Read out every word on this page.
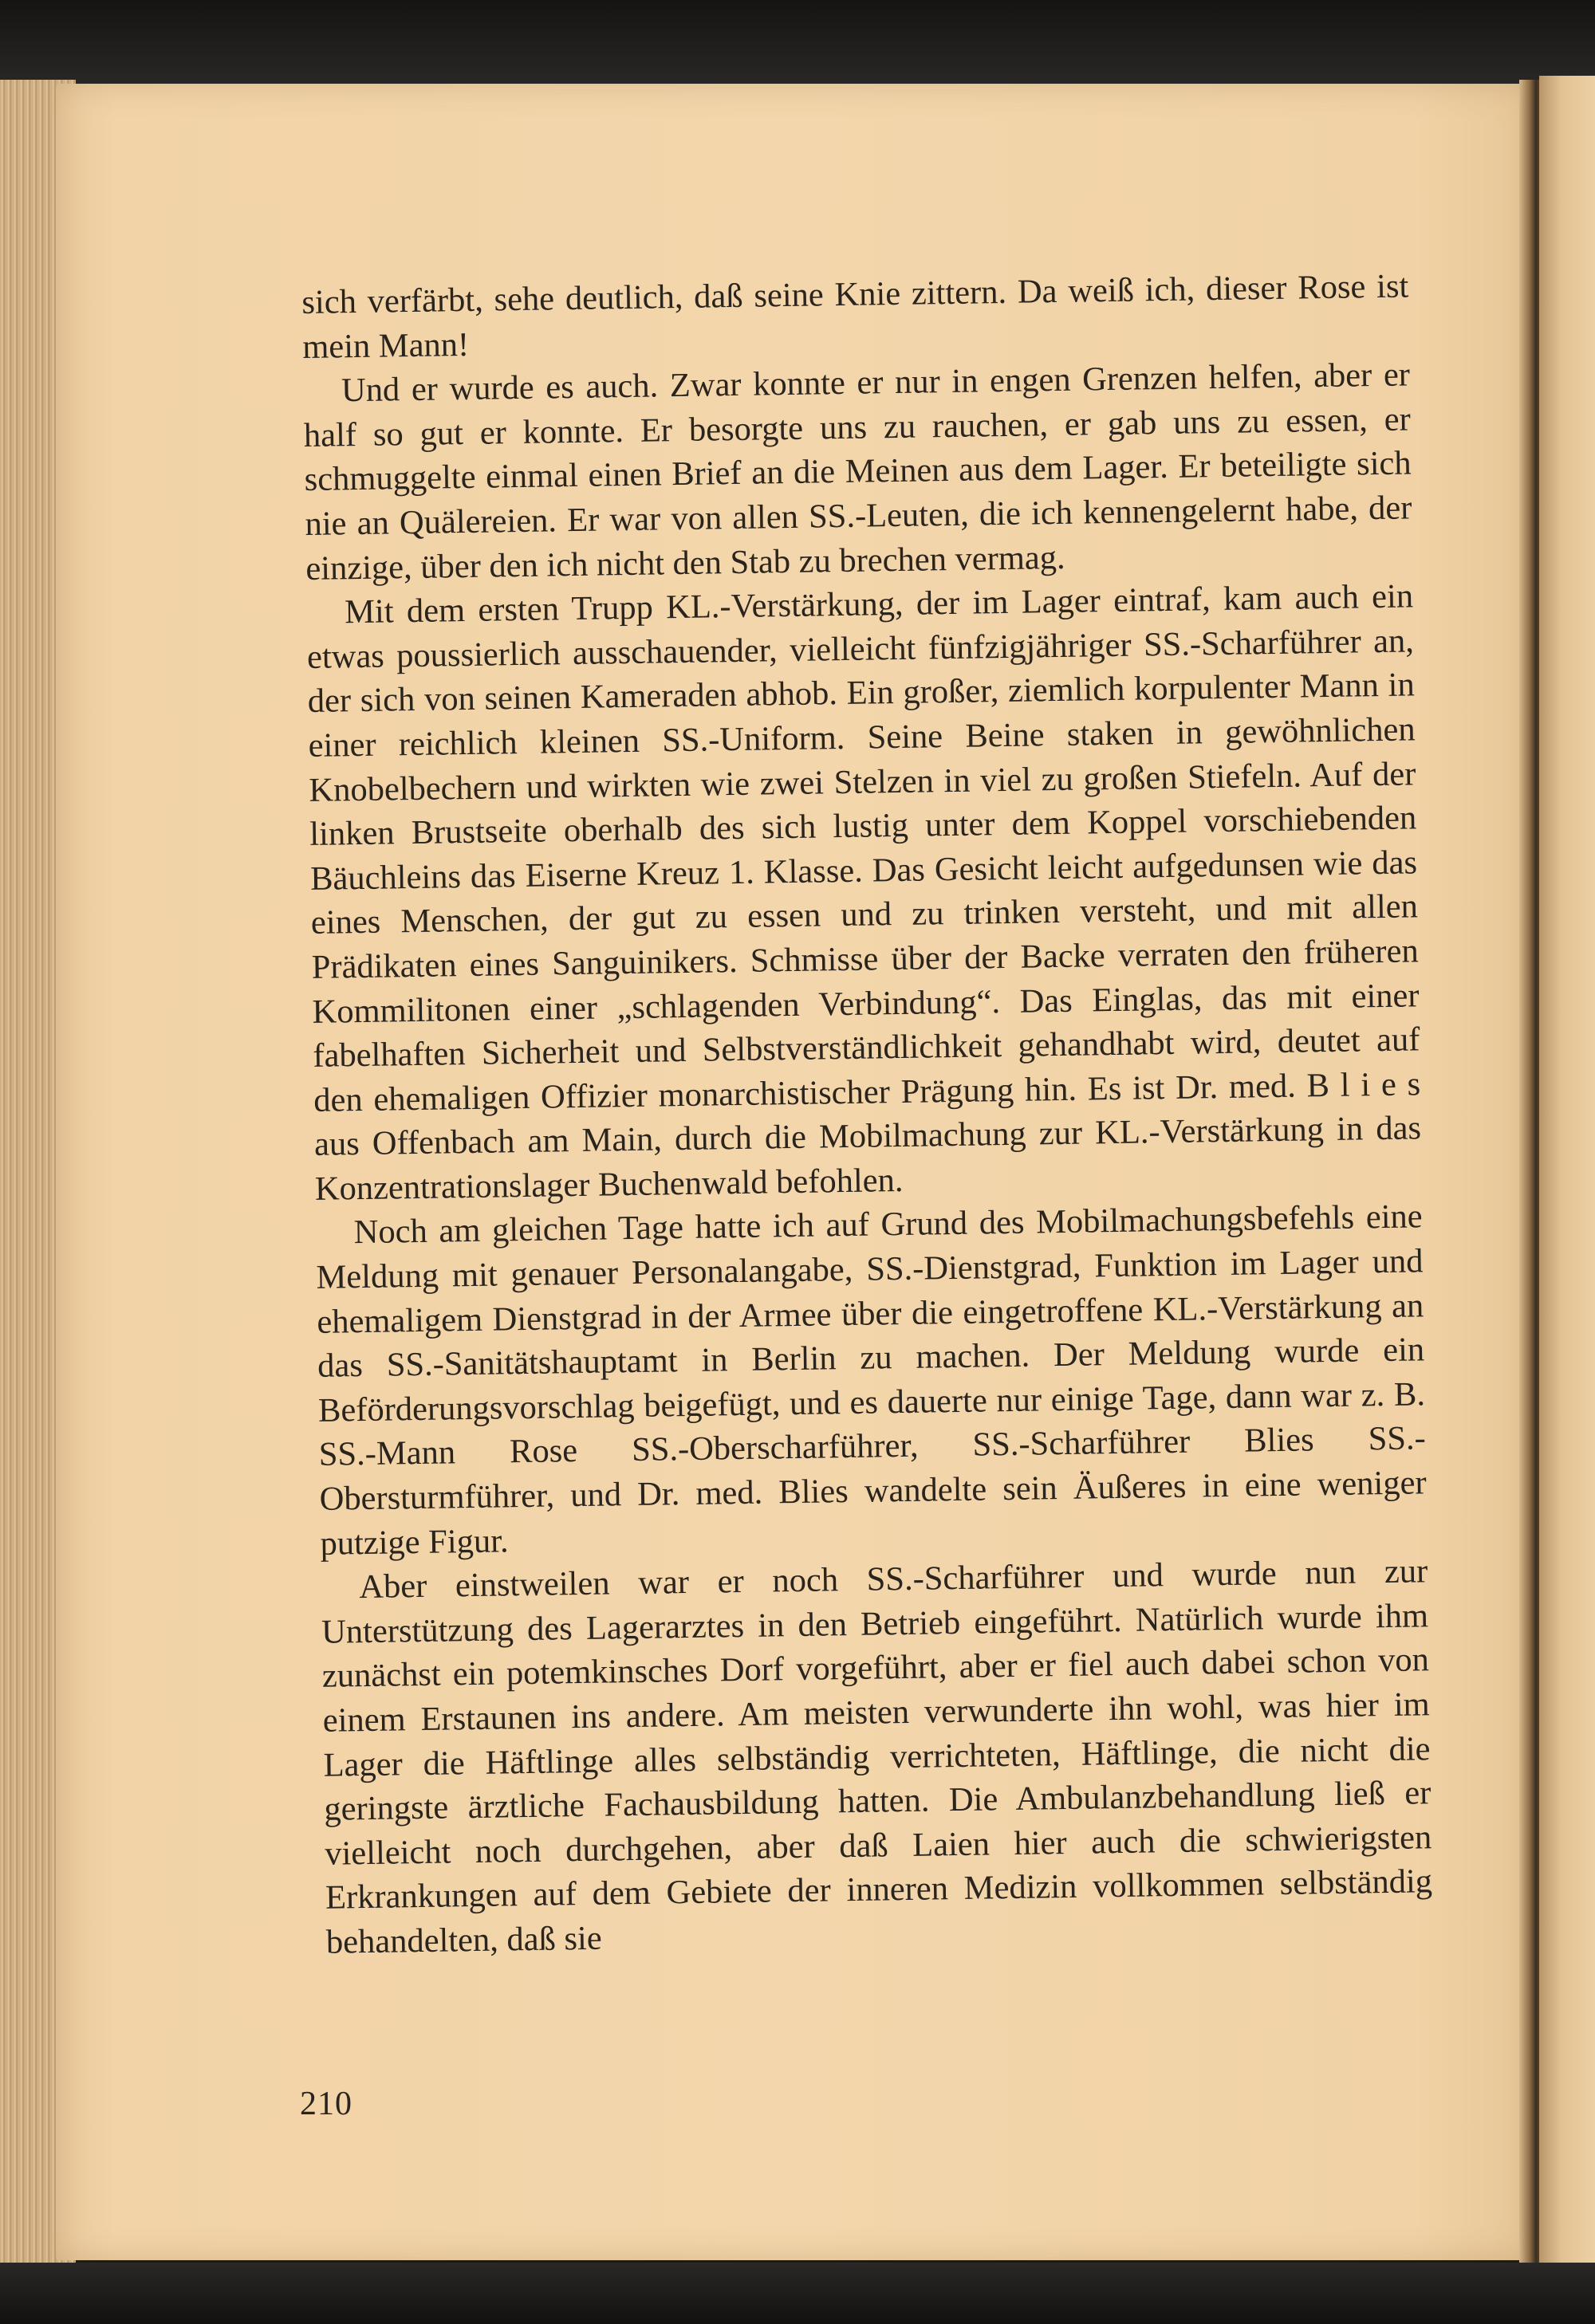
sich verfärbt, sehe deutlich, daß seine Knie zittern. Da weiß ich, dieser Rose ist mein Mann!

Und er wurde es auch. Zwar konnte er nur in engen Grenzen helfen, aber er half so gut er konnte. Er besorgte uns zu rauchen, er gab uns zu essen, er schmuggelte einmal einen Brief an die Meinen aus dem Lager. Er beteiligte sich nie an Quälereien. Er war von allen SS.-Leuten, die ich kennengelernt habe, der einzige, über den ich nicht den Stab zu brechen vermag.

Mit dem ersten Trupp KL.-Verstärkung, der im Lager eintraf, kam auch ein etwas poussierlich ausschauender, vielleicht fünfzigjähriger SS.-Scharführer an, der sich von seinen Kameraden abhob. Ein großer, ziemlich korpulenter Mann in einer reichlich kleinen SS.-Uniform. Seine Beine staken in gewöhnlichen Knobelbechern und wirkten wie zwei Stelzen in viel zu großen Stiefeln. Auf der linken Brustseite oberhalb des sich lustig unter dem Koppel vorschiebenden Bäuchleins das Eiserne Kreuz 1. Klasse. Das Gesicht leicht aufgedunsen wie das eines Menschen, der gut zu essen und zu trinken versteht, und mit allen Prädikaten eines Sanguinikers. Schmisse über der Backe verraten den früheren Kommilitonen einer „schlagenden Verbindung“. Das Einglas, das mit einer fabelhaften Sicherheit und Selbstverständlichkeit gehandhabt wird, deutet auf den ehemaligen Offizier monarchistischer Prägung hin. Es ist Dr. med. B l i e s aus Offenbach am Main, durch die Mobilmachung zur KL.-Verstärkung in das Konzentrationslager Buchenwald befohlen.

Noch am gleichen Tage hatte ich auf Grund des Mobilmachungsbefehls eine Meldung mit genauer Personalangabe, SS.-Dienstgrad, Funktion im Lager und ehemaligem Dienstgrad in der Armee über die eingetroffene KL.-Verstärkung an das SS.-Sanitätshauptamt in Berlin zu machen. Der Meldung wurde ein Beförderungsvorschlag beigefügt, und es dauerte nur einige Tage, dann war z. B. SS.-Mann Rose SS.-Oberscharführer, SS.-Scharführer Blies SS.-Obersturmführer, und Dr. med. Blies wandelte sein Äußeres in eine weniger putzige Figur.

Aber einstweilen war er noch SS.-Scharführer und wurde nun zur Unterstützung des Lagerarztes in den Betrieb eingeführt. Natürlich wurde ihm zunächst ein potemkinsches Dorf vorgeführt, aber er fiel auch dabei schon von einem Erstaunen ins andere. Am meisten verwunderte ihn wohl, was hier im Lager die Häftlinge alles selbständig verrichteten, Häftlinge, die nicht die geringste ärztliche Fachausbildung hatten. Die Ambulanzbehandlung ließ er vielleicht noch durchgehen, aber daß Laien hier auch die schwierigsten Erkrankungen auf dem Gebiete der inneren Medizin vollkommen selbständig behandelten, daß sie

210
